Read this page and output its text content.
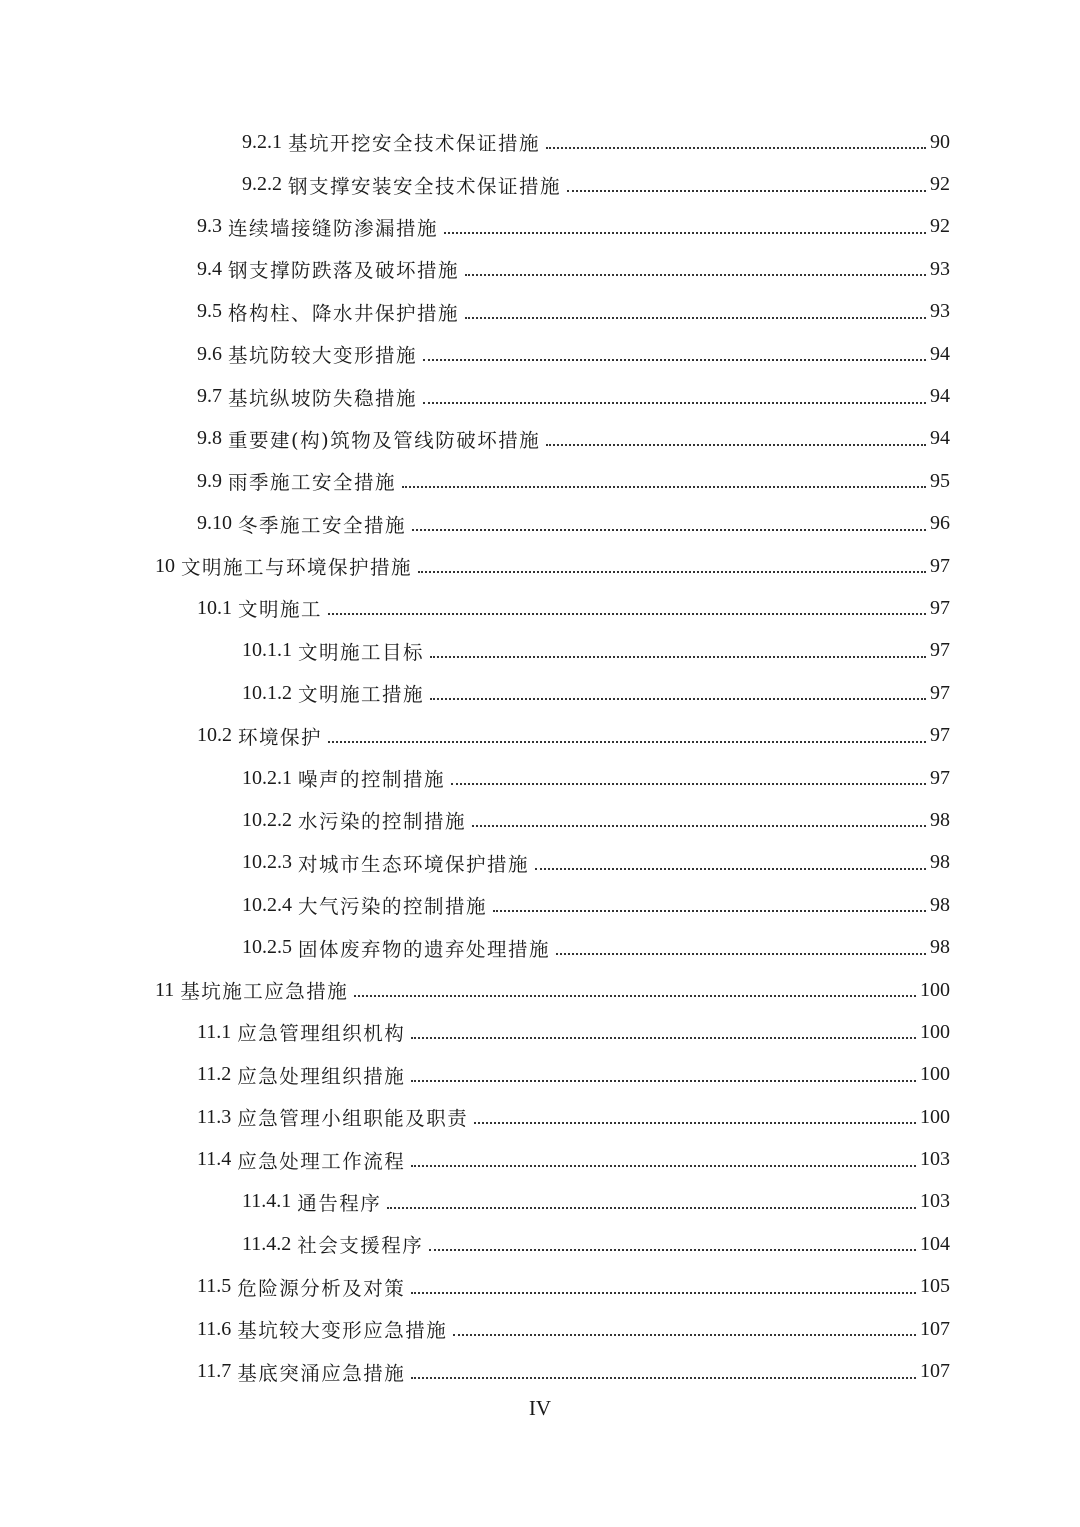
9.2.1 基坑开挖安全技术保证措施	90
9.2.2 钢支撑安装安全技术保证措施	92
9.3 连续墙接缝防渗漏措施	92
9.4 钢支撑防跌落及破坏措施	93
9.5 格构柱、降水井保护措施	93
9.6 基坑防较大变形措施	94
9.7 基坑纵坡防失稳措施	94
9.8 重要建(构)筑物及管线防破坏措施	94
9.9 雨季施工安全措施	95
9.10 冬季施工安全措施	96
10 文明施工与环境保护措施	97
10.1 文明施工	97
10.1.1 文明施工目标	97
10.1.2 文明施工措施	97
10.2 环境保护	97
10.2.1 噪声的控制措施	97
10.2.2 水污染的控制措施	98
10.2.3 对城市生态环境保护措施	98
10.2.4 大气污染的控制措施	98
10.2.5 固体废弃物的遗弃处理措施	98
11 基坑施工应急措施	100
11.1 应急管理组织机构	100
11.2 应急处理组织措施	100
11.3 应急管理小组职能及职责	100
11.4 应急处理工作流程	103
11.4.1 通告程序	103
11.4.2 社会支援程序	104
11.5 危险源分析及对策	105
11.6 基坑较大变形应急措施	107
11.7 基底突涌应急措施	107
IV
